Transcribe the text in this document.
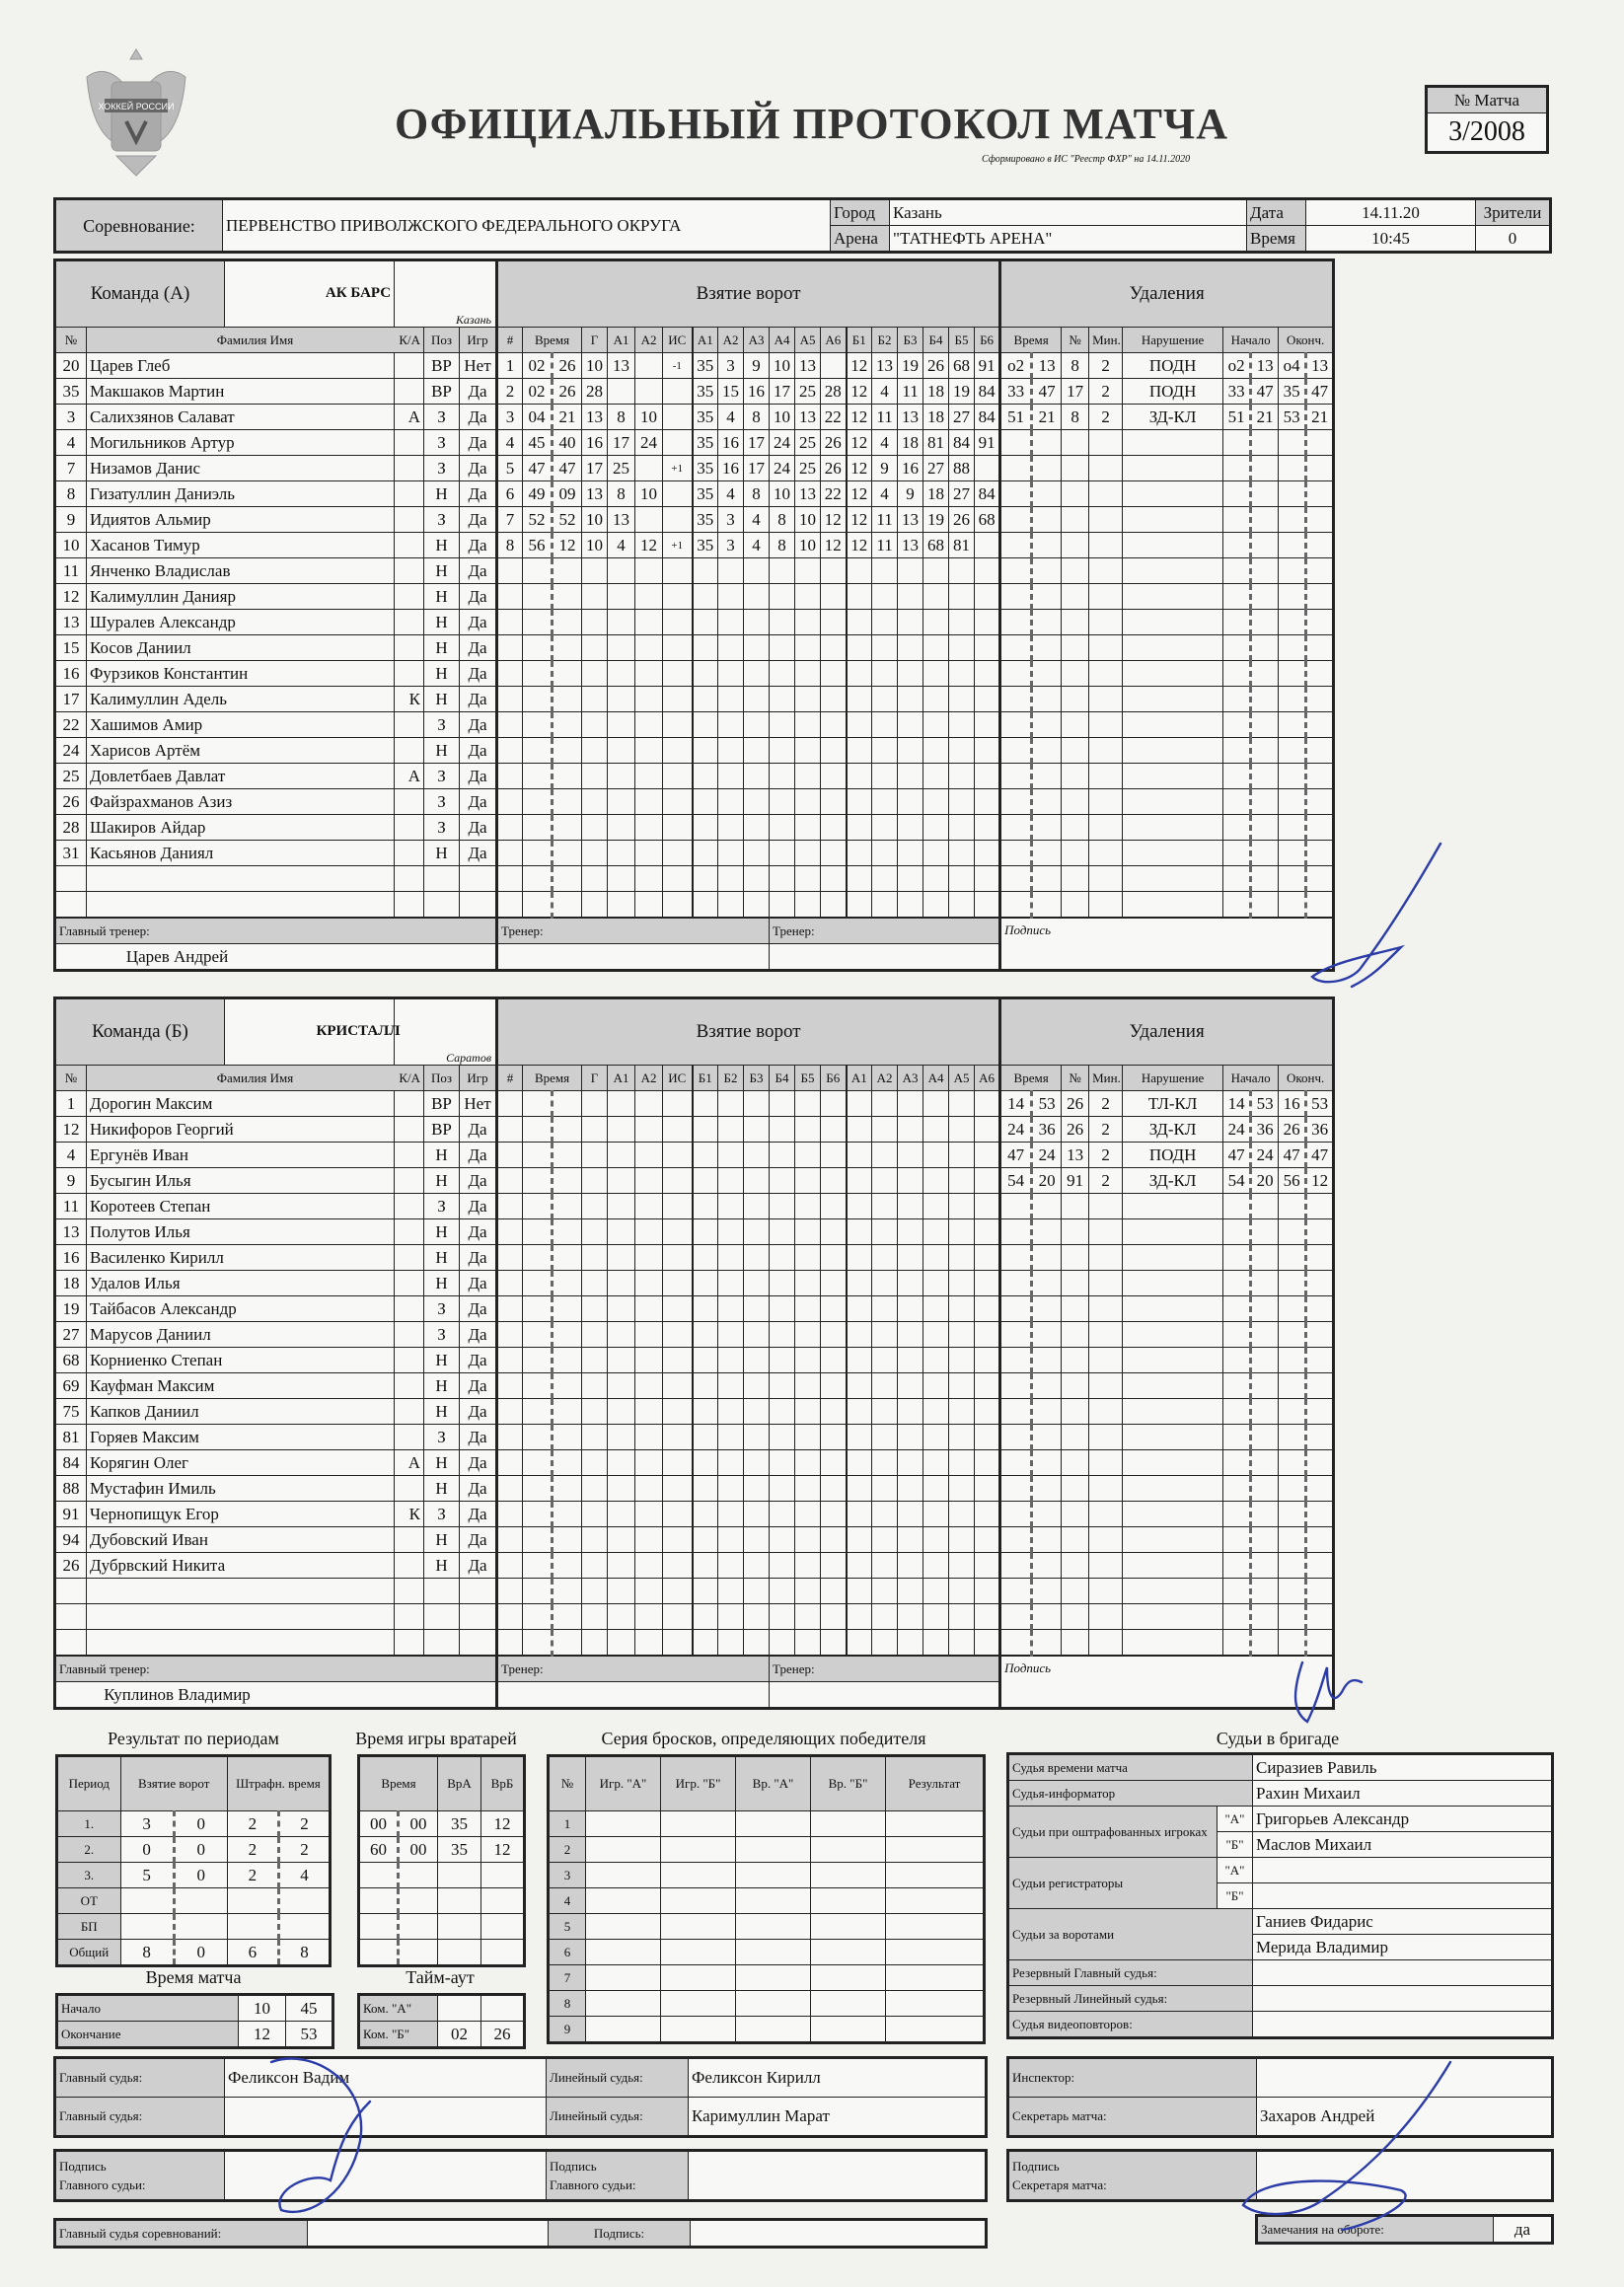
ХОККЕЙ РОССИИ	ОФИЦИАЛЬНЫЙ ПРОТОКОЛ МАТЧА
Сформировано в ИС "Реестр ФХР" на 14.11.2020
№ Матча
3/2008
Соревнование:	ПЕРВЕНСТВО ПРИВОЛЖСКОГО ФЕДЕРАЛЬНОГО ОКРУГА	Город	Казань	Дата	14.11.20	Зрители
		Арена	"ТАТНЕФТЬ АРЕНА"	Время	10:45	0
Команда (А)		АК БАРС
Казань			Взятие ворот																			Удаления								
№	Фамилия Имя К/А		Поз	Игр	#	Время		Г	А1	А2	ИС	А1	А2	А3	А4	А5	А6	Б1	Б2	Б3	Б4	Б5	Б6	Время		№	Мин.	Нарушение	Начало		Оконч.	
20	Царев Глеб		ВР	Нет	1	02	26	10	13		-1	35	3	9	10	13		12	13	19	26	68	91	о2	13	8	2	ПОДН	о2	13	о4	13
35	Макшаков Мартин		ВР	Да	2	02	26	28				35	15	16	17	25	28	12	4	11	18	19	84	33	47	17	2	ПОДН	33	47	35	47
3	Салихзянов Салават	А	З	Да	3	04	21	13	8	10		35	4	8	10	13	22	12	11	13	18	27	84	51	21	8	2	ЗД-КЛ	51	21	53	21
4	Могильников Артур		З	Да	4	45	40	16	17	24		35	16	17	24	25	26	12	4	18	81	84	91									
7	Низамов Данис		З	Да	5	47	47	17	25		+1	35	16	17	24	25	26	12	9	16	27	88										
8	Гизатуллин Даниэль		Н	Да	6	49	09	13	8	10		35	4	8	10	13	22	12	4	9	18	27	84									
9	Идиятов Альмир		З	Да	7	52	52	10	13			35	3	4	8	10	12	12	11	13	19	26	68									
10	Хасанов Тимур		Н	Да	8	56	12	10	4	12	+1	35	3	4	8	10	12	12	11	13	68	81										
11	Янченко Владислав		Н	Да																												
12	Калимуллин Данияр		Н	Да																												
13	Шуралев Александр		Н	Да																												
15	Косов Даниил		Н	Да																												
16	Фурзиков Константин		Н	Да																												
17	Калимуллин Адель	К	Н	Да																												
22	Хашимов Амир		З	Да																												
24	Харисов Артём		Н	Да																												
25	Довлетбаев Давлат	А	З	Да																												
26	Файзрахманов Азиз		З	Да																												
28	Шакиров Айдар		З	Да																												
31	Касьянов Даниял		Н	Да																												

Главный тренер:					Тренер:										Тренер:									Подпись								
Царев Андрей																																
Команда (Б)		КРИСТАЛЛ
Саратов			Взятие ворот																			Удаления								
№	Фамилия Имя К/А		Поз	Игр	#	Время		Г	А1	А2	ИС	Б1	Б2	Б3	Б4	Б5	Б6	А1	А2	А3	А4	А5	А6	Время		№	Мин.	Нарушение	Начало		Оконч.	
1	Дорогин Максим		ВР	Нет																				14	53	26	2	ТЛ-КЛ	14	53	16	53
12	Никифоров Георгий		ВР	Да																				24	36	26	2	ЗД-КЛ	24	36	26	36
4	Ергунёв Иван		Н	Да																				47	24	13	2	ПОДН	47	24	47	47
9	Бусыгин Илья		Н	Да																				54	20	91	2	ЗД-КЛ	54	20	56	12
11	Коротеев Степан		З	Да																												
13	Полутов Илья		Н	Да																												
16	Василенко Кирилл		Н	Да																												
18	Удалов Илья		Н	Да																												
19	Тайбасов Александр		З	Да																												
27	Марусов Даниил		З	Да																												
68	Корниенко Степан		Н	Да																												
69	Кауфман Максим		Н	Да																												
75	Капков Даниил		Н	Да																												
81	Горяев Максим		З	Да																												
84	Корягин Олег	А	Н	Да																												
88	Мустафин Имиль		Н	Да																												
91	Чернопищук Егор	К	З	Да																												
94	Дубовский Иван		Н	Да																												
26	Дубрвский Никита		Н	Да																												

Главный тренер:					Тренер:										Тренер:									Подпись								
Куплинов Владимир																																
Результат по периодам
Период	Взятие ворот		Штрафн. время	
1.	3	0	2	2
2.	0	0	2	2
3.	5	0	2	4
ОТ				
БП				
Общий	8	0	6	8
Время игры вратарей
Время		ВрА	ВрБ
00	00	35	12
60	00	35	12

Время матча
Начало	10	45
Окончание	12	53
Тайм-аут
Ком. "А"		
Ком. "Б"	02	26
Серия бросков, определяющих победителя
№	Игр. "А"	Игр. "Б"	Вр. "А"	Вр. "Б"	Результат
1					
2					
3					
4					
5					
6					
7					
8					
9					
Судьи в бригаде
Судья времени матча		Сиразиев Равиль
Судья-информатор		Рахин Михаил
Судьи при оштрафованных игроках	"А"	Григорьев Александр
	"Б"	Маслов Михаил
Судьи регистраторы	"А"	
	"Б"	
Судьи за воротами		Ганиев Фидарис
		Мерида Владимир
Резервный Главный судья:		
Резервный Линейный судья:		
Судья видеоповторов:		
Главный судья:	Феликсон Вадим	Линейный судья:	Феликсон Кирилл
Главный судья:		Линейный судья:	Каримуллин Марат
Инспектор:	
Секретарь матча:	Захаров Андрей
Подпись
Главного судьи:		Подпись
Главного судьи:	
Подпись
Секретаря матча:	
Главный судья соревнований:		Подпись:		Замечания на обороте:	да
